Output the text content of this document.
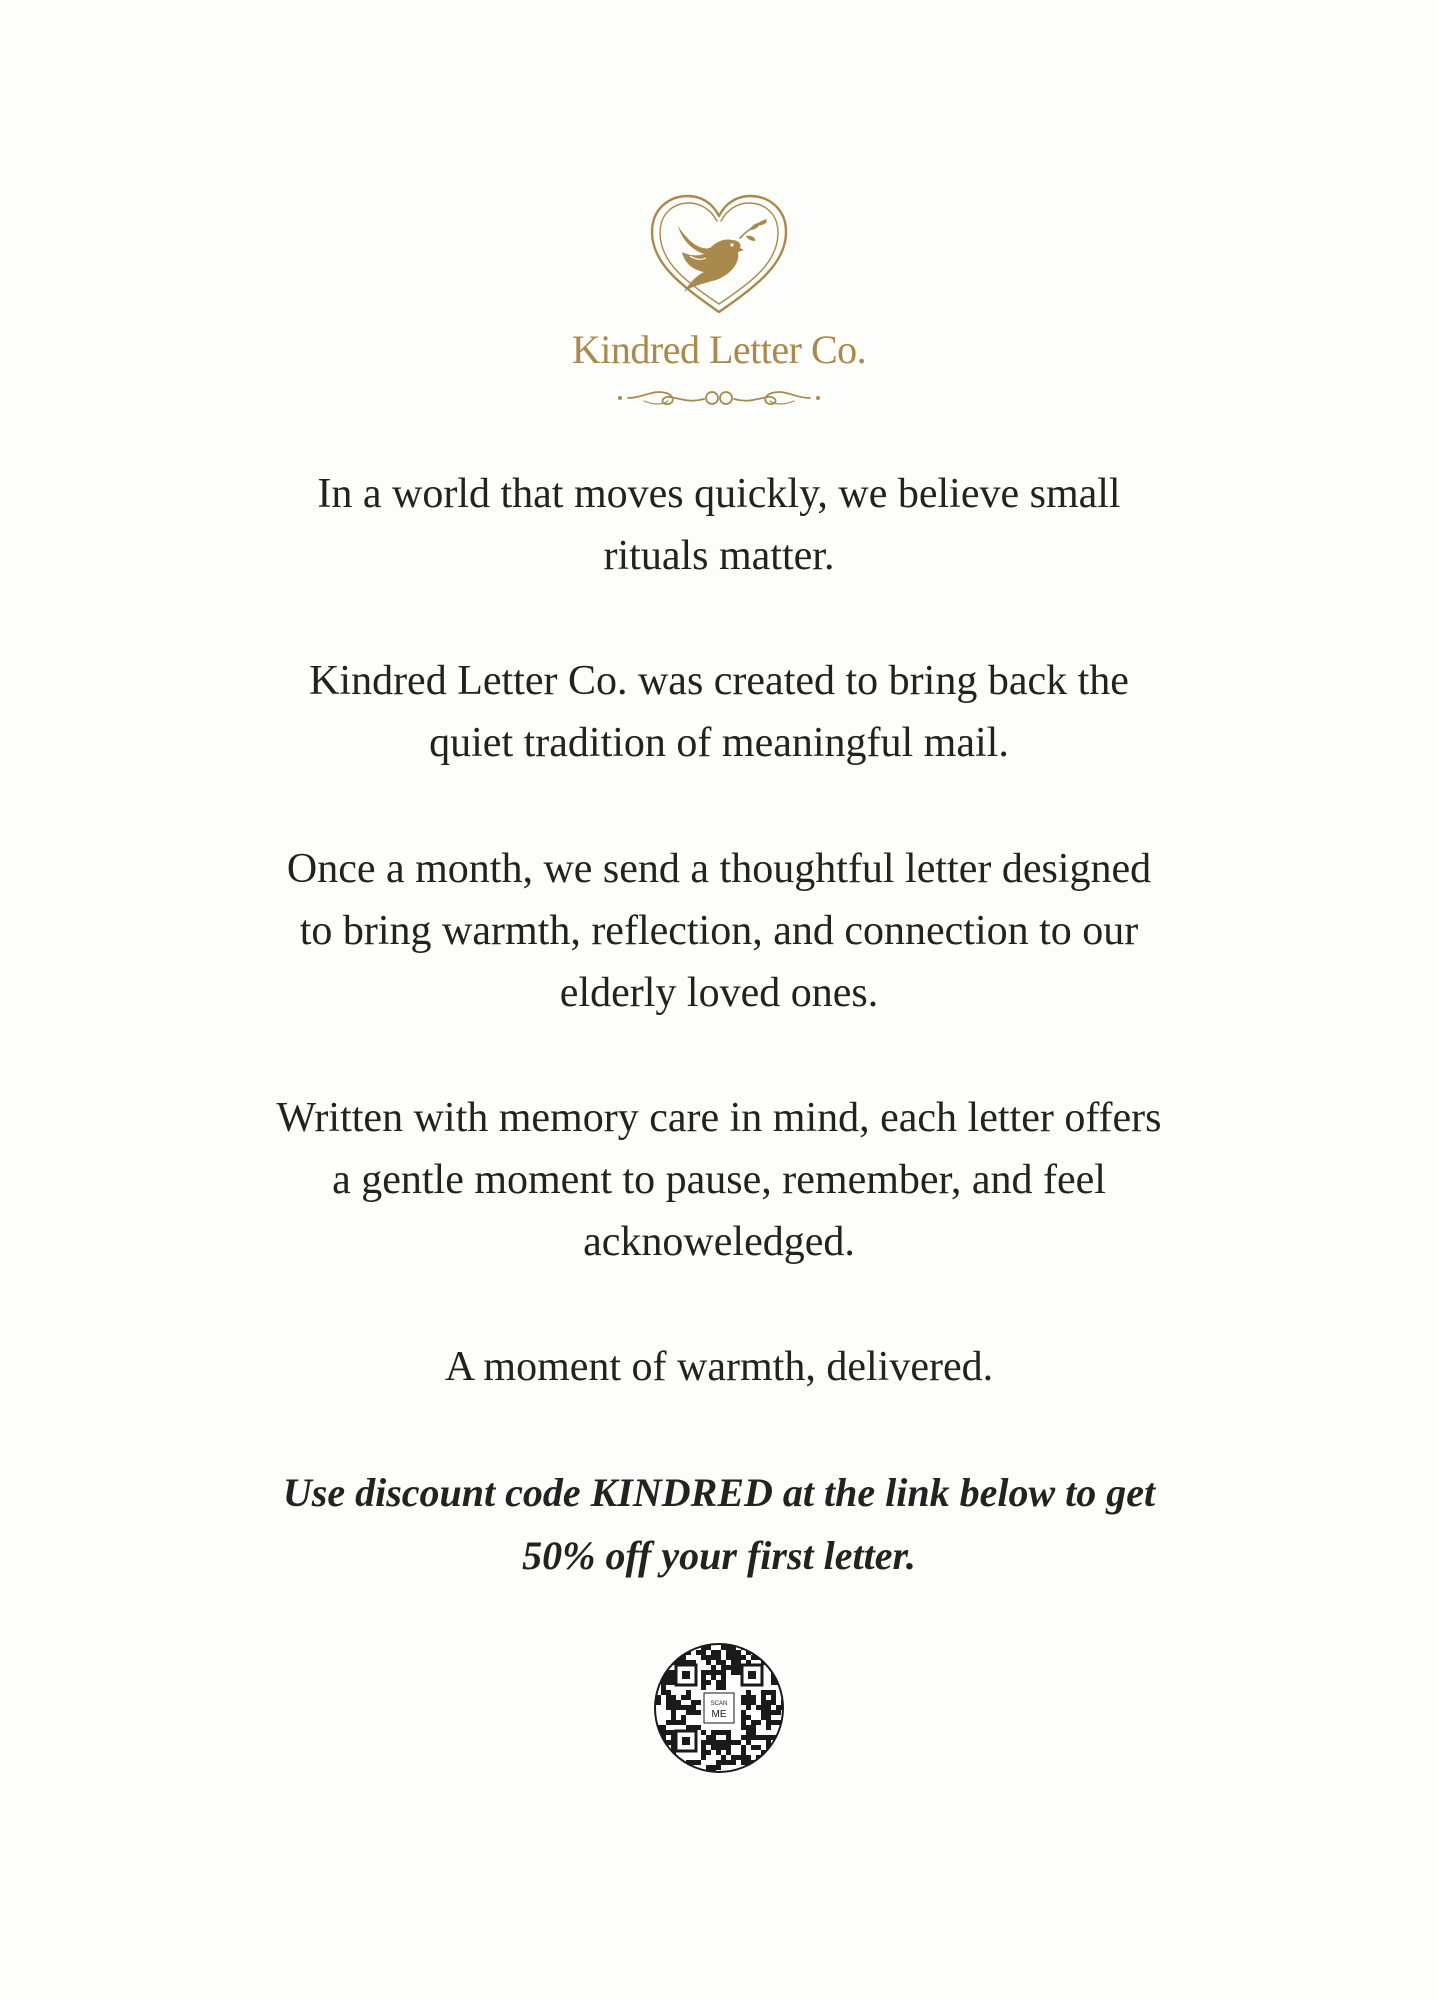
Kindred Letter Co.
In a world that moves quickly, we believe small rituals matter.
Kindred Letter Co. was created to bring back the quiet tradition of meaningful mail.
Once a month, we send a thoughtful letter designed to bring warmth, reflection, and connection to our elderly loved ones.
Written with memory care in mind, each letter offers a gentle moment to pause, remember, and feel acknoweledged.
A moment of warmth, delivered.
Use discount code KINDRED at the link below to get 50% off your first letter.
SCAN
ME
